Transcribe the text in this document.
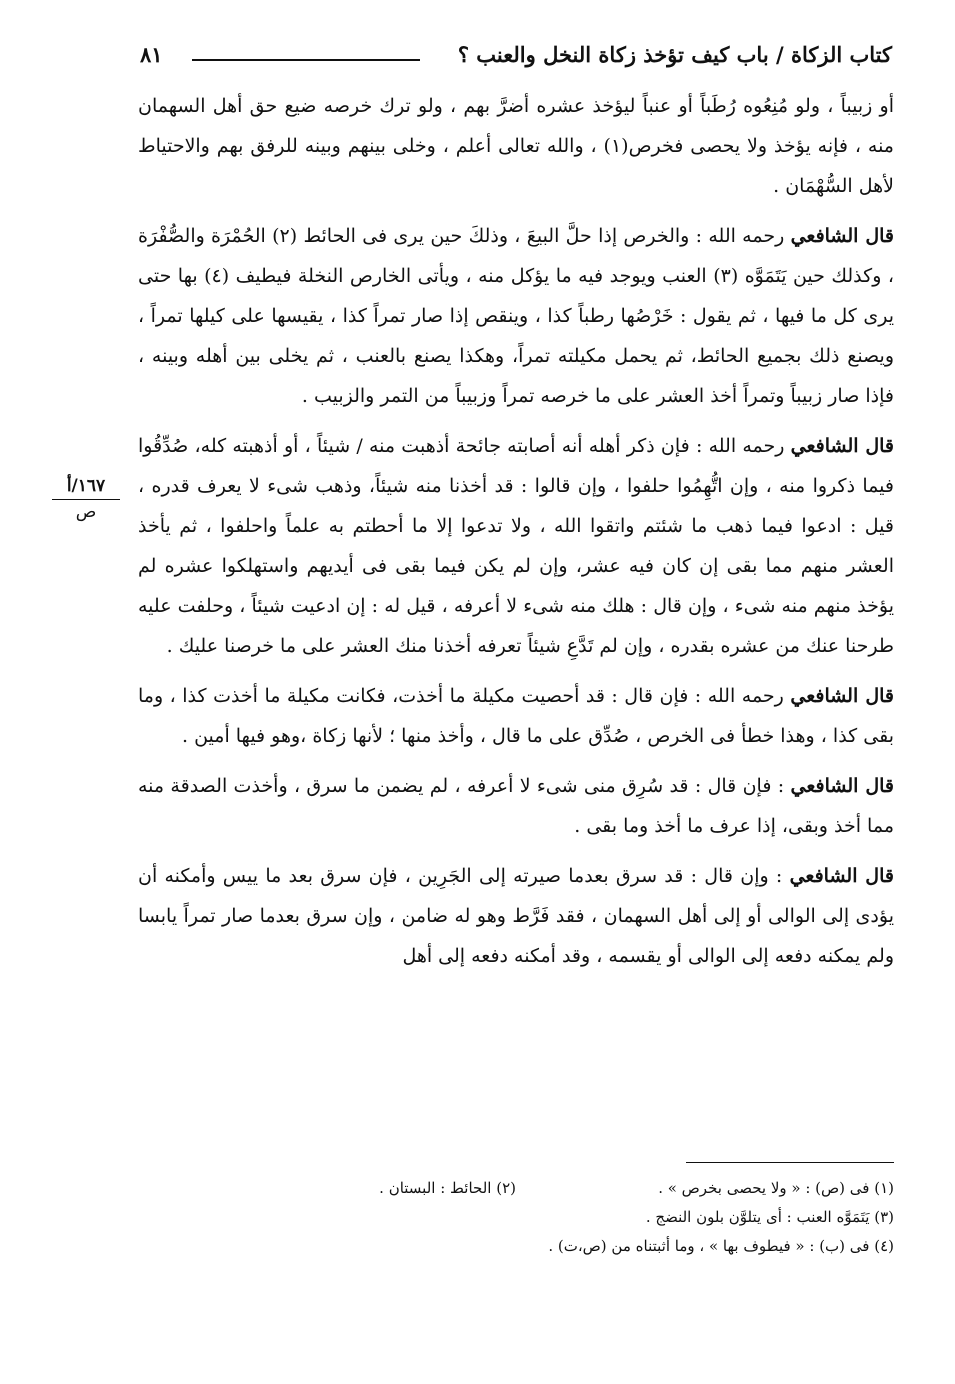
٨١	كتاب الزكاة / باب كيف تؤخذ زكاة النخل والعنب ؟
١٦٧/أ
ص

أو زبيباً ، ولو مُنِعُوه رُطَباً أو عنباً ليؤخذ عشره أضرَّ بهم ، ولو ترك خرصه ضيع حق أهل السهمان منه ، فإنه يؤخذ ولا يحصى فخرص(١) ، والله تعالى أعلم ، وخلى بينهم وبينه للرفق بهم والاحتياط لأهل السُّهْمَان .

قال الشافعي رحمه الله : والخرص إذا حلَّ البيعَ ، وذلكَ حين يرى فى الحائط (٢) الحُمْرَة والصُّفْرَة ، وكذلك حين يَتَمَوَّه (٣) العنب ويوجد فيه ما يؤكل منه ، ويأتى الخارص النخلة فيطيف (٤) بها حتى يرى كل ما فيها ، ثم يقول : خَرْصُها رطباً كذا ، وينقص إذا صار تمراً كذا ، يقيسها على كيلها تمراً ، ويصنع ذلك بجميع الحائط، ثم يحمل مكيلته تمراً، وهكذا يصنع بالعنب ، ثم يخلى بين أهله وبينه ، فإذا صار زبيباً وتمراً أخذ العشر على ما خرصه تمراً وزبيباً من التمر والزبيب .

قال الشافعي رحمه الله : فإن ذكر أهله أنه أصابته جائحة أذهبت منه / شيئاً ، أو أذهبته كله، صُدِّقُوا فيما ذكروا منه ، وإن اتُّهِمُوا حلفوا ، وإن قالوا : قد أخذنا منه شيئاً، وذهب شىء لا يعرف قدره ، قيل : ادعوا فيما ذهب ما شئتم واتقوا الله ، ولا تدعوا إلا ما أحطتم به علماً واحلفوا ، ثم يأخذ العشر منهم مما بقى إن كان فيه عشر، وإن لم يكن فيما بقى فى أيديهم واستهلكوا عشره لم يؤخذ منهم منه شىء ، وإن قال : هلك منه شىء لا أعرفه ، قيل له : إن ادعيت شيئاً ، وحلفت عليه طرحنا عنك من عشره بقدره ، وإن لم تَدَّعِ شيئاً تعرفه أخذنا منك العشر على ما خرصنا عليك .

قال الشافعي رحمه الله : فإن قال : قد أحصيت مكيلة ما أخذت، فكانت مكيلة ما أخذت كذا ، وما بقى كذا ، وهذا خطأ فى الخرص ، صُدِّق على ما قال ، وأخذ منها ؛ لأنها زكاة ،وهو فيها أمين .

قال الشافعي : فإن قال : قد سُرِق منى شىء لا أعرفه ، لم يضمن ما سرق ، وأخذت الصدقة منه مما أخذ وبقى، إذا عرف ما أخذ وما بقى .

قال الشافعي : وإن قال : قد سرق بعدما صيرته إلى الجَرِين ، فإن سرق بعد ما ييس وأمكنه أن يؤدى إلى الوالى أو إلى أهل السهمان ، فقد فَرَّط وهو له ضامن ، وإن سرق بعدما صار تمراً يابسا ولم يمكنه دفعه إلى الوالى أو يقسمه ، وقد أمكنه دفعه إلى أهل

(١) فى (ص) : « ولا يحصى بخرص » .(٢) الحائط : البستان .
(٣) يَتَمَوَّه العنب : أى يتلوَّن بلون النضج .
(٤) فى (ب) : « فيطوف بها » ، وما أثبتناه من (ص،ت) .
